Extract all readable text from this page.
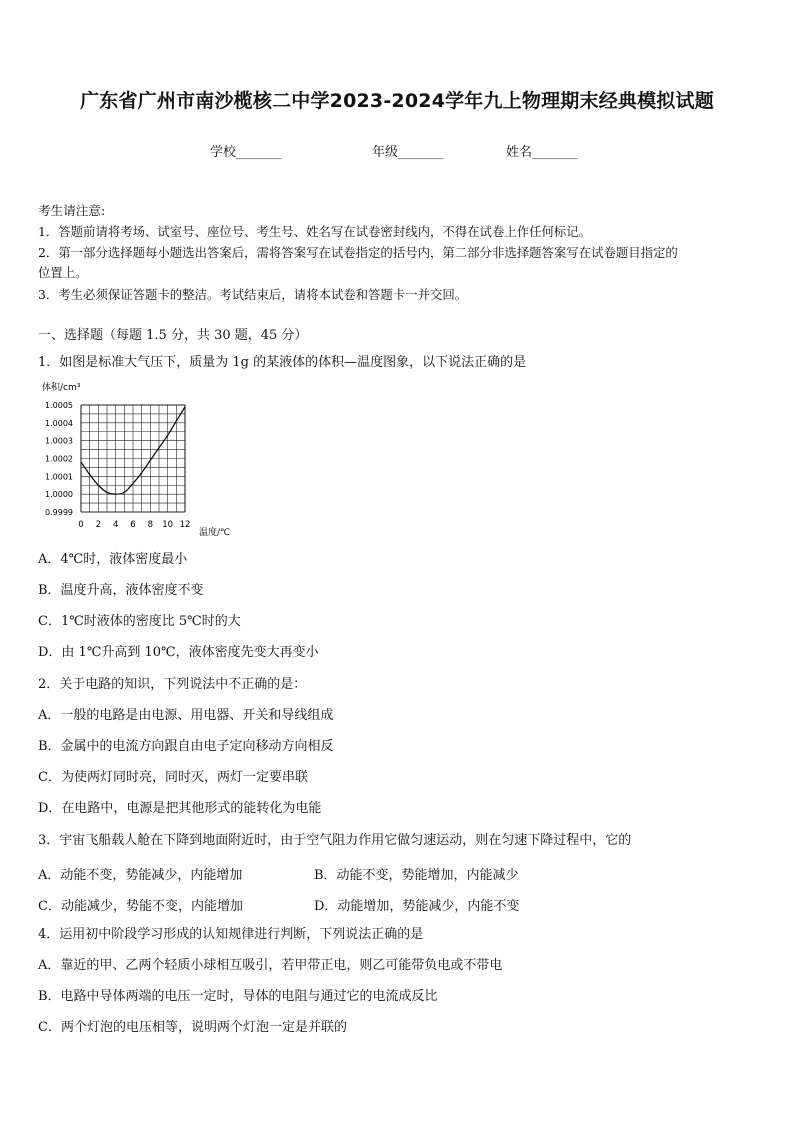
广东省广州市南沙榄核二中学2023-2024学年九上物理期末经典模拟试题
学校_______	年级_______	姓名_______
考生请注意:
1．答题前请将考场、试室号、座位号、考生号、姓名写在试卷密封线内，不得在试卷上作任何标记。
2．第一部分选择题每小题选出答案后，需将答案写在试卷指定的括号内，第二部分非选择题答案写在试卷题目指定的
位置上。
3．考生必须保证答题卡的整洁。考试结束后，请将本试卷和答题卡一并交回。
一、选择题（每题 1.5 分，共 30 题，45 分）
1．如图是标准大气压下，质量为 1g 的某液体的体积—温度图象，以下说法正确的是
体积/cm³
1.0005
1.0004
1.0003
1.0002
1.0001
1.0000
0.9999
0 2 4 6 8 10 12
温度/℃
A．4℃时，液体密度最小
B．温度升高，液体密度不变
C．1℃时液体的密度比 5℃时的大
D．由 1℃升高到 10℃，液体密度先变大再变小
2．关于电路的知识，下列说法中不正确的是：
A．一般的电路是由电源、用电器、开关和导线组成
B．金属中的电流方向跟自由电子定向移动方向相反
C．为使两灯同时亮，同时灭，两灯一定要串联
D．在电路中，电源是把其他形式的能转化为电能
3．宇宙飞船载人舱在下降到地面附近时，由于空气阻力作用它做匀速运动，则在匀速下降过程中，它的
A．动能不变，势能减少，内能增加	B．动能不变，势能增加，内能减少
C．动能减少，势能不变，内能增加	D．动能增加，势能减少，内能不变
4．运用初中阶段学习形成的认知规律进行判断，下列说法正确的是
A．靠近的甲、乙两个轻质小球相互吸引，若甲带正电，则乙可能带负电或不带电
B．电路中导体两端的电压一定时，导体的电阻与通过它的电流成反比
C．两个灯泡的电压相等，说明两个灯泡一定是并联的
